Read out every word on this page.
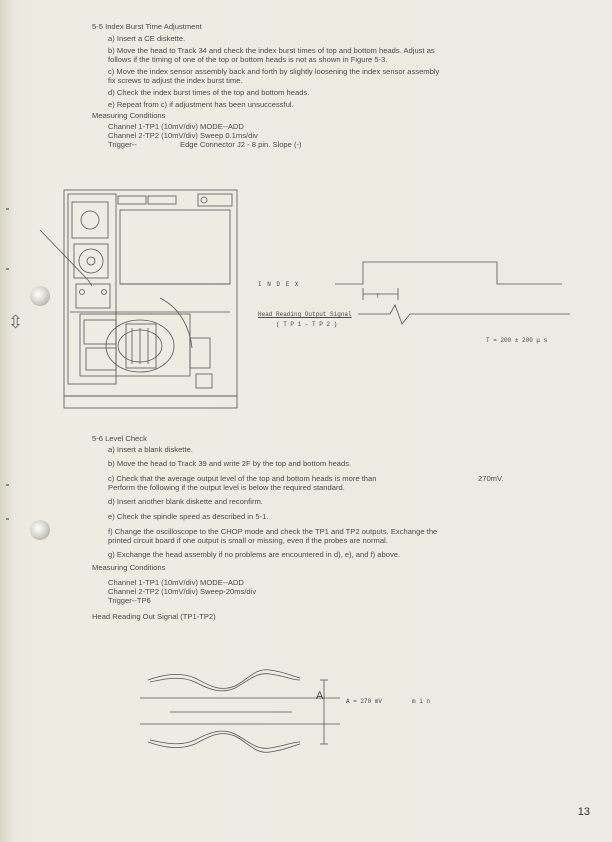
⇳
5-5 Index Burst Time Adjustment
a) Insert a CE diskette.
b) Move the head to Track 34 and check the index burst times of top and bottom heads. Adjust as
follows if the timing of one of the top or bottom heads is not as shown in Figure 5-3.
c) Move the index sensor assembly back and forth by slightly loosening the index sensor assembly
fix screws to adjust the index burst time.
d) Check the index burst times of the top and bottom heads.
e) Repeat from c) if adjustment has been unsuccessful.
Measuring Conditions
Channel 1-TP1 (10mV/div) MODE--ADD
Channel 2-TP2 (10mV/div) Sweep 0.1ms/div
Trigger--	Edge Connector J2 - 8 pin. Slope (-)
I N D E X
T
Head Reading Output Signal
( T P 1 - T P 2 )
T = 200 ± 200 μ s
5-6 Level Check
a) Insert a blank diskette.
b) Move the head to Track 39 and write 2F by the top and bottom heads.
c) Check that the average output level of the top and bottom heads is more than	270mV.
Perform the following if the output level is below the required standard.
d) Insert another blank diskette and reconfirm.
e) Check the spindle speed as described in 5-1.
f) Change the oscilloscope to the CHOP mode and check the TP1 and TP2 outputs. Exchange the
printed circuit board if one output is small or missing, even if the probes are normal.
g) Exchange the head assembly if no problems are encountered in d), e), and f) above.
Measuring Conditions
Channel 1-TP1 (10mV/div) MODE--ADD
Channel 2-TP2 (10mV/div) Sweep-20ms/div
Trigger--TP6
Head Reading Out Signal (TP1-TP2)
A	A = 270 mV	m i n
13
